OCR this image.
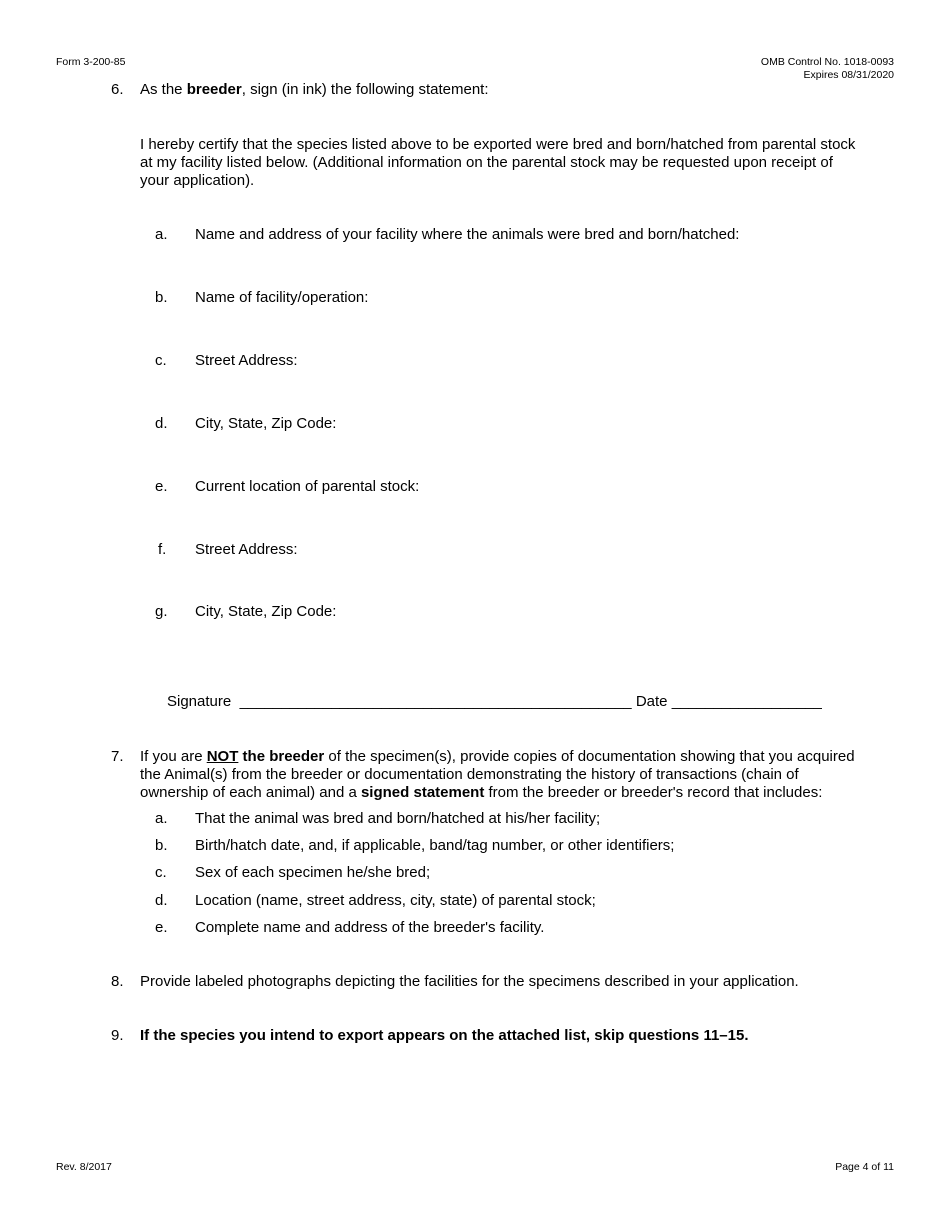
Form 3-200-85	OMB Control No. 1018-0093
Expires 08/31/2020
6. As the breeder, sign (in ink) the following statement:
I hereby certify that the species listed above to be exported were bred and born/hatched from parental stock
at my facility listed below. (Additional information on the parental stock may be requested upon receipt of
your application).
a. Name and address of your facility where the animals were bred and born/hatched:
b. Name of facility/operation:
c. Street Address:
d. City, State, Zip Code:
e. Current location of parental stock:
f. Street Address:
g. City, State, Zip Code:
Signature _______________________________________________ Date __________________
7. If you are NOT the breeder of the specimen(s), provide copies of documentation showing that you acquired
the Animal(s) from the breeder or documentation demonstrating the history of transactions (chain of
ownership of each animal) and a signed statement from the breeder or breeder's record that includes:
a. That the animal was bred and born/hatched at his/her facility;
b. Birth/hatch date, and, if applicable, band/tag number, or other identifiers;
c. Sex of each specimen he/she bred;
d. Location (name, street address, city, state) of parental stock;
e. Complete name and address of the breeder's facility.
8. Provide labeled photographs depicting the facilities for the specimens described in your application.
9. If the species you intend to export appears on the attached list, skip questions 11–15.
Rev. 8/2017	Page 4 of 11
